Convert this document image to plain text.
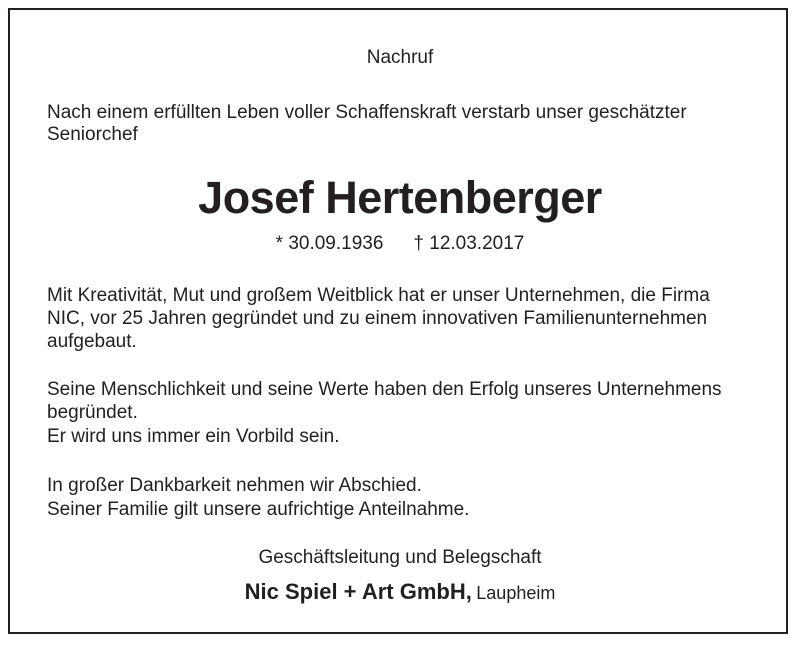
Nachruf
Nach einem erfüllten Leben voller Schaffenskraft verstarb unser geschätzter
Seniorchef
Josef Hertenberger
* 30.09.1936 † 12.03.2017
Mit Kreativität, Mut und großem Weitblick hat er unser Unternehmen, die Firma
NIC, vor 25 Jahren gegründet und zu einem innovativen Familienunternehmen
aufgebaut.
Seine Menschlichkeit und seine Werte haben den Erfolg unseres Unternehmens
begründet.
Er wird uns immer ein Vorbild sein.
In großer Dankbarkeit nehmen wir Abschied.
Seiner Familie gilt unsere aufrichtige Anteilnahme.
Geschäftsleitung und Belegschaft
Nic Spiel + Art GmbH, Laupheim
